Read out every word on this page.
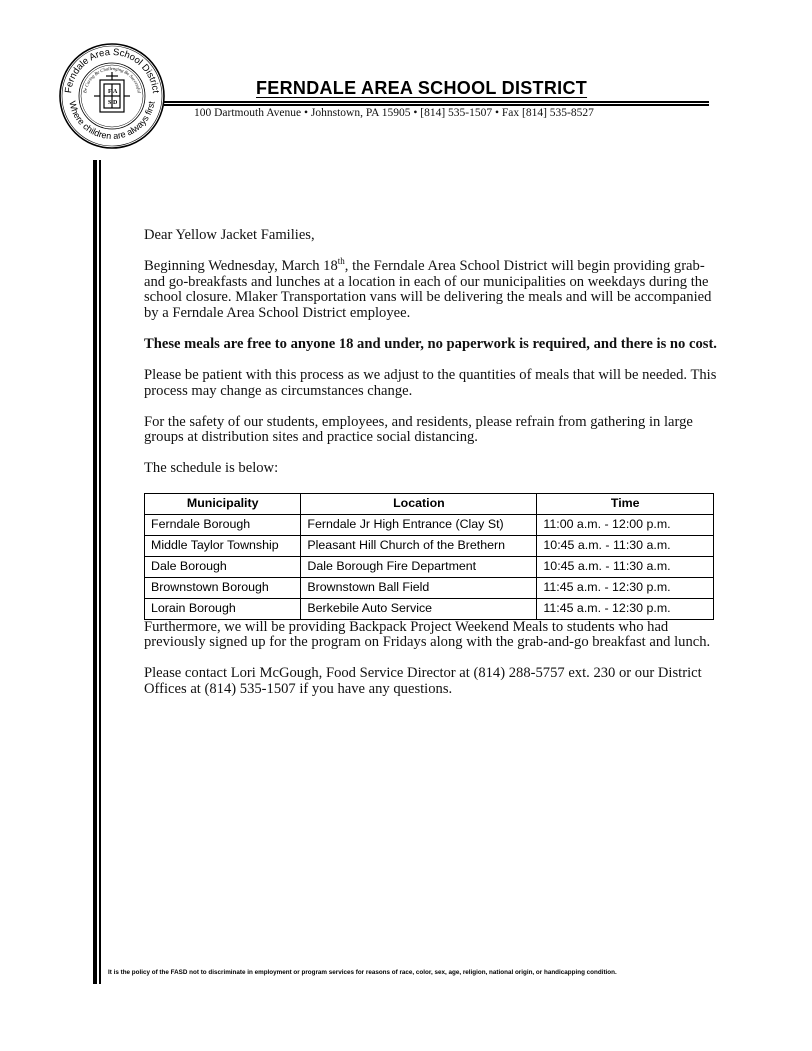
Ferndale Area School District
Where children are always first
Be Caring Be Challenging Be Successful
F A
S D
FERNDALE AREA SCHOOL DISTRICT
100 Dartmouth Avenue • Johnstown, PA 15905 • [814] 535-1507 • Fax [814] 535-8527

Dear Yellow Jacket Families,

Beginning Wednesday, March 18th, the Ferndale Area School District will begin providing grab-and go-breakfasts and lunches at a location in each of our municipalities on weekdays during the school closure. Mlaker Transportation vans will be delivering the meals and will be accompanied by a Ferndale Area School District employee.

These meals are free to anyone 18 and under, no paperwork is required, and there is no cost.

Please be patient with this process as we adjust to the quantities of meals that will be needed. This process may change as circumstances change.

For the safety of our students, employees, and residents, please refrain from gathering in large groups at distribution sites and practice social distancing.

The schedule is below:

Municipality	Location	Time
Ferndale Borough	Ferndale Jr High Entrance (Clay St)	11:00 a.m. - 12:00 p.m.
Middle Taylor Township	Pleasant Hill Church of the Brethern	10:45 a.m. - 11:30 a.m.
Dale Borough	Dale Borough Fire Department	10:45 a.m. - 11:30 a.m.
Brownstown Borough	Brownstown Ball Field	11:45 a.m. - 12:30 p.m.
Lorain Borough	Berkebile Auto Service	11:45 a.m. - 12:30 p.m.

Furthermore, we will be providing Backpack Project Weekend Meals to students who had previously signed up for the program on Fridays along with the grab-and-go breakfast and lunch.

Please contact Lori McGough, Food Service Director at (814) 288-5757 ext. 230 or our District Offices at (814) 535-1507 if you have any questions.

It is the policy of the FASD not to discriminate in employment or program services for reasons of race, color, sex, age, religion, national origin, or handicapping condition.
